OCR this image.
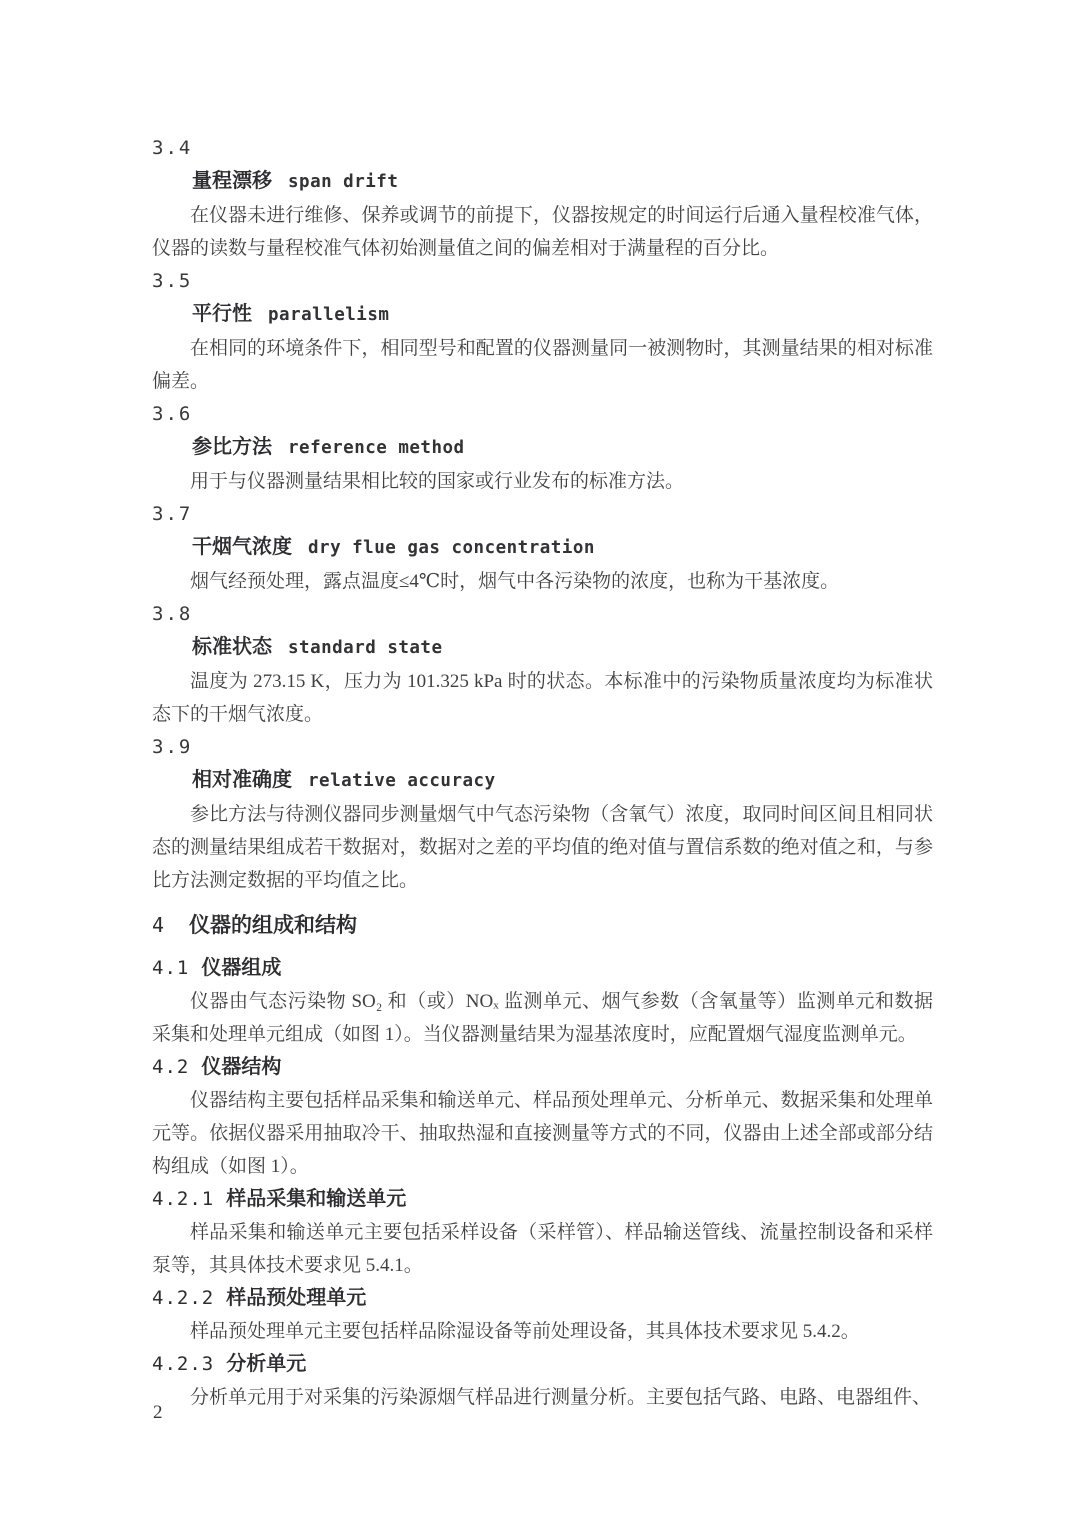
3.4
量程漂移 span drift

在仪器未进行维修、保养或调节的前提下，仪器按规定的时间运行后通入量程校准气体，仪器的读数与量程校准气体初始测量值之间的偏差相对于满量程的百分比。

3.5
平行性 parallelism

在相同的环境条件下，相同型号和配置的仪器测量同一被测物时，其测量结果的相对标准偏差。

3.6
参比方法 reference method

用于与仪器测量结果相比较的国家或行业发布的标准方法。

3.7
干烟气浓度 dry flue gas concentration

烟气经预处理，露点温度≤4℃时，烟气中各污染物的浓度，也称为干基浓度。

3.8
标准状态 standard state

温度为 273.15 K，压力为 101.325 kPa 时的状态。本标准中的污染物质量浓度均为标准状态下的干烟气浓度。

3.9
相对准确度 relative accuracy

参比方法与待测仪器同步测量烟气中气态污染物（含氧气）浓度，取同时间区间且相同状态的测量结果组成若干数据对，数据对之差的平均值的绝对值与置信系数的绝对值之和，与参比方法测定数据的平均值之比。

4 仪器的组成和结构
4.1 仪器组成

仪器由气态污染物 SO₂ 和（或）NOₓ 监测单元、烟气参数（含氧量等）监测单元和数据采集和处理单元组成（如图 1）。当仪器测量结果为湿基浓度时，应配置烟气湿度监测单元。

4.2 仪器结构

仪器结构主要包括样品采集和输送单元、样品预处理单元、分析单元、数据采集和处理单元等。依据仪器采用抽取冷干、抽取热湿和直接测量等方式的不同，仪器由上述全部或部分结构组成（如图 1）。

4.2.1 样品采集和输送单元

样品采集和输送单元主要包括采样设备（采样管）、样品输送管线、流量控制设备和采样泵等，其具体技术要求见 5.4.1。

4.2.2 样品预处理单元

样品预处理单元主要包括样品除湿设备等前处理设备，其具体技术要求见 5.4.2。

4.2.3 分析单元

分析单元用于对采集的污染源烟气样品进行测量分析。主要包括气路、电路、电器组件、

2
